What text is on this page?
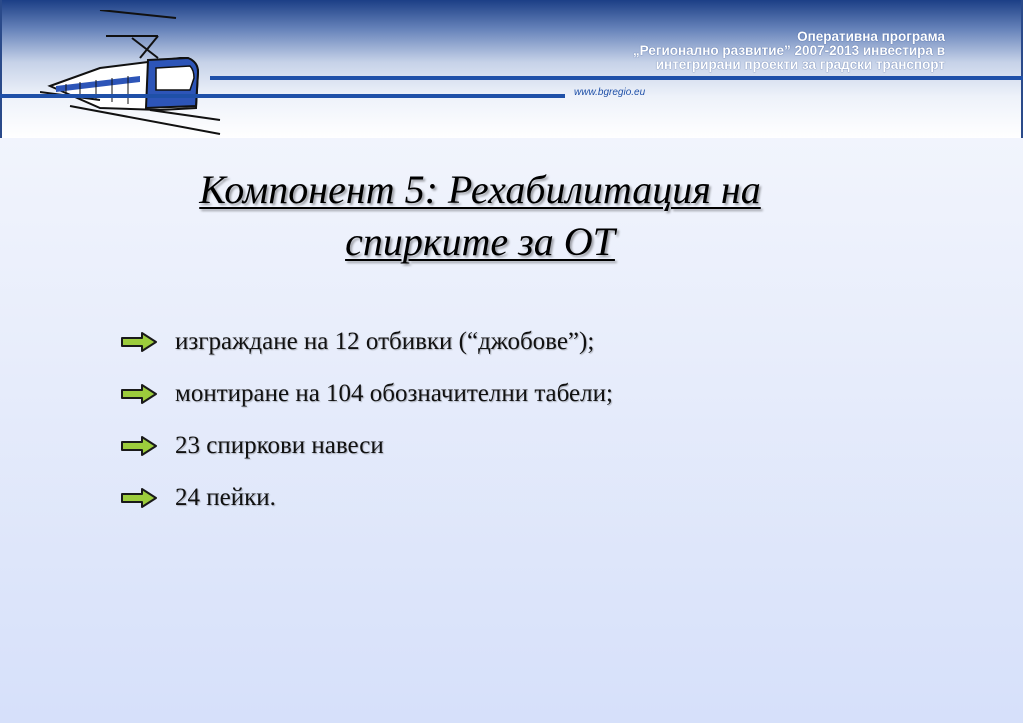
Оперативна програма
„Регионално развитие” 2007-2013 инвестира в
интегрирани проекти за градски транспорт
www.bgregio.eu
Компонент 5: Рехабилитация на
спирките за ОТ
изграждане на 12 отбивки (“джобове”);
монтиране на 104 обозначителни табели;
23 спиркови навеси
24 пейки.
